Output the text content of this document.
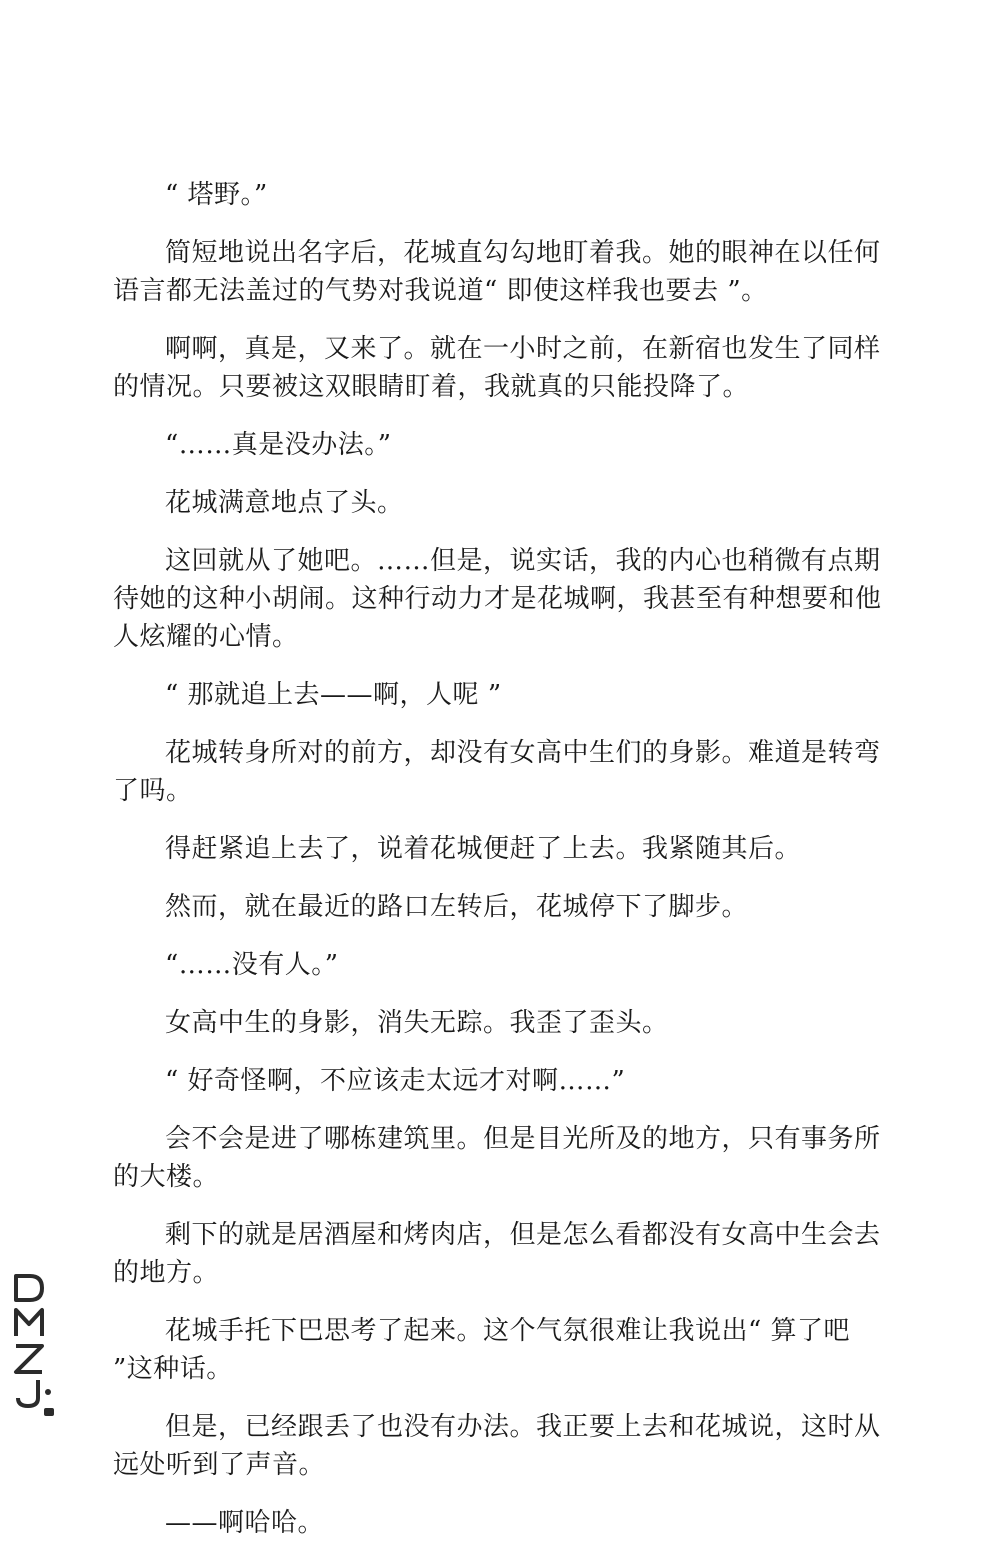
“ 塔野。”

简短地说出名字后，花城直勾勾地盯着我。她的眼神在以任何语言都无法盖过的气势对我说道“ 即使这样我也要去 ”。

啊啊，真是，又来了。就在一小时之前，在新宿也发生了同样的情况。只要被这双眼睛盯着，我就真的只能投降了。

“……真是没办法。”

花城满意地点了头。

这回就从了她吧。……但是，说实话，我的内心也稍微有点期待她的这种小胡闹。这种行动力才是花城啊，我甚至有种想要和他人炫耀的心情。

“ 那就追上去——啊，人呢 ”

花城转身所对的前方，却没有女高中生们的身影。难道是转弯了吗。

得赶紧追上去了，说着花城便赶了上去。我紧随其后。

然而，就在最近的路口左转后，花城停下了脚步。

“……没有人。”

女高中生的身影，消失无踪。我歪了歪头。

“ 好奇怪啊，不应该走太远才对啊……”

会不会是进了哪栋建筑里。但是目光所及的地方，只有事务所的大楼。

剩下的就是居酒屋和烤肉店，但是怎么看都没有女高中生会去的地方。

花城手托下巴思考了起来。这个气氛很难让我说出“ 算了吧 ”这种话。

但是，已经跟丢了也没有办法。我正要上去和花城说，这时从远处听到了声音。

——啊哈哈。
